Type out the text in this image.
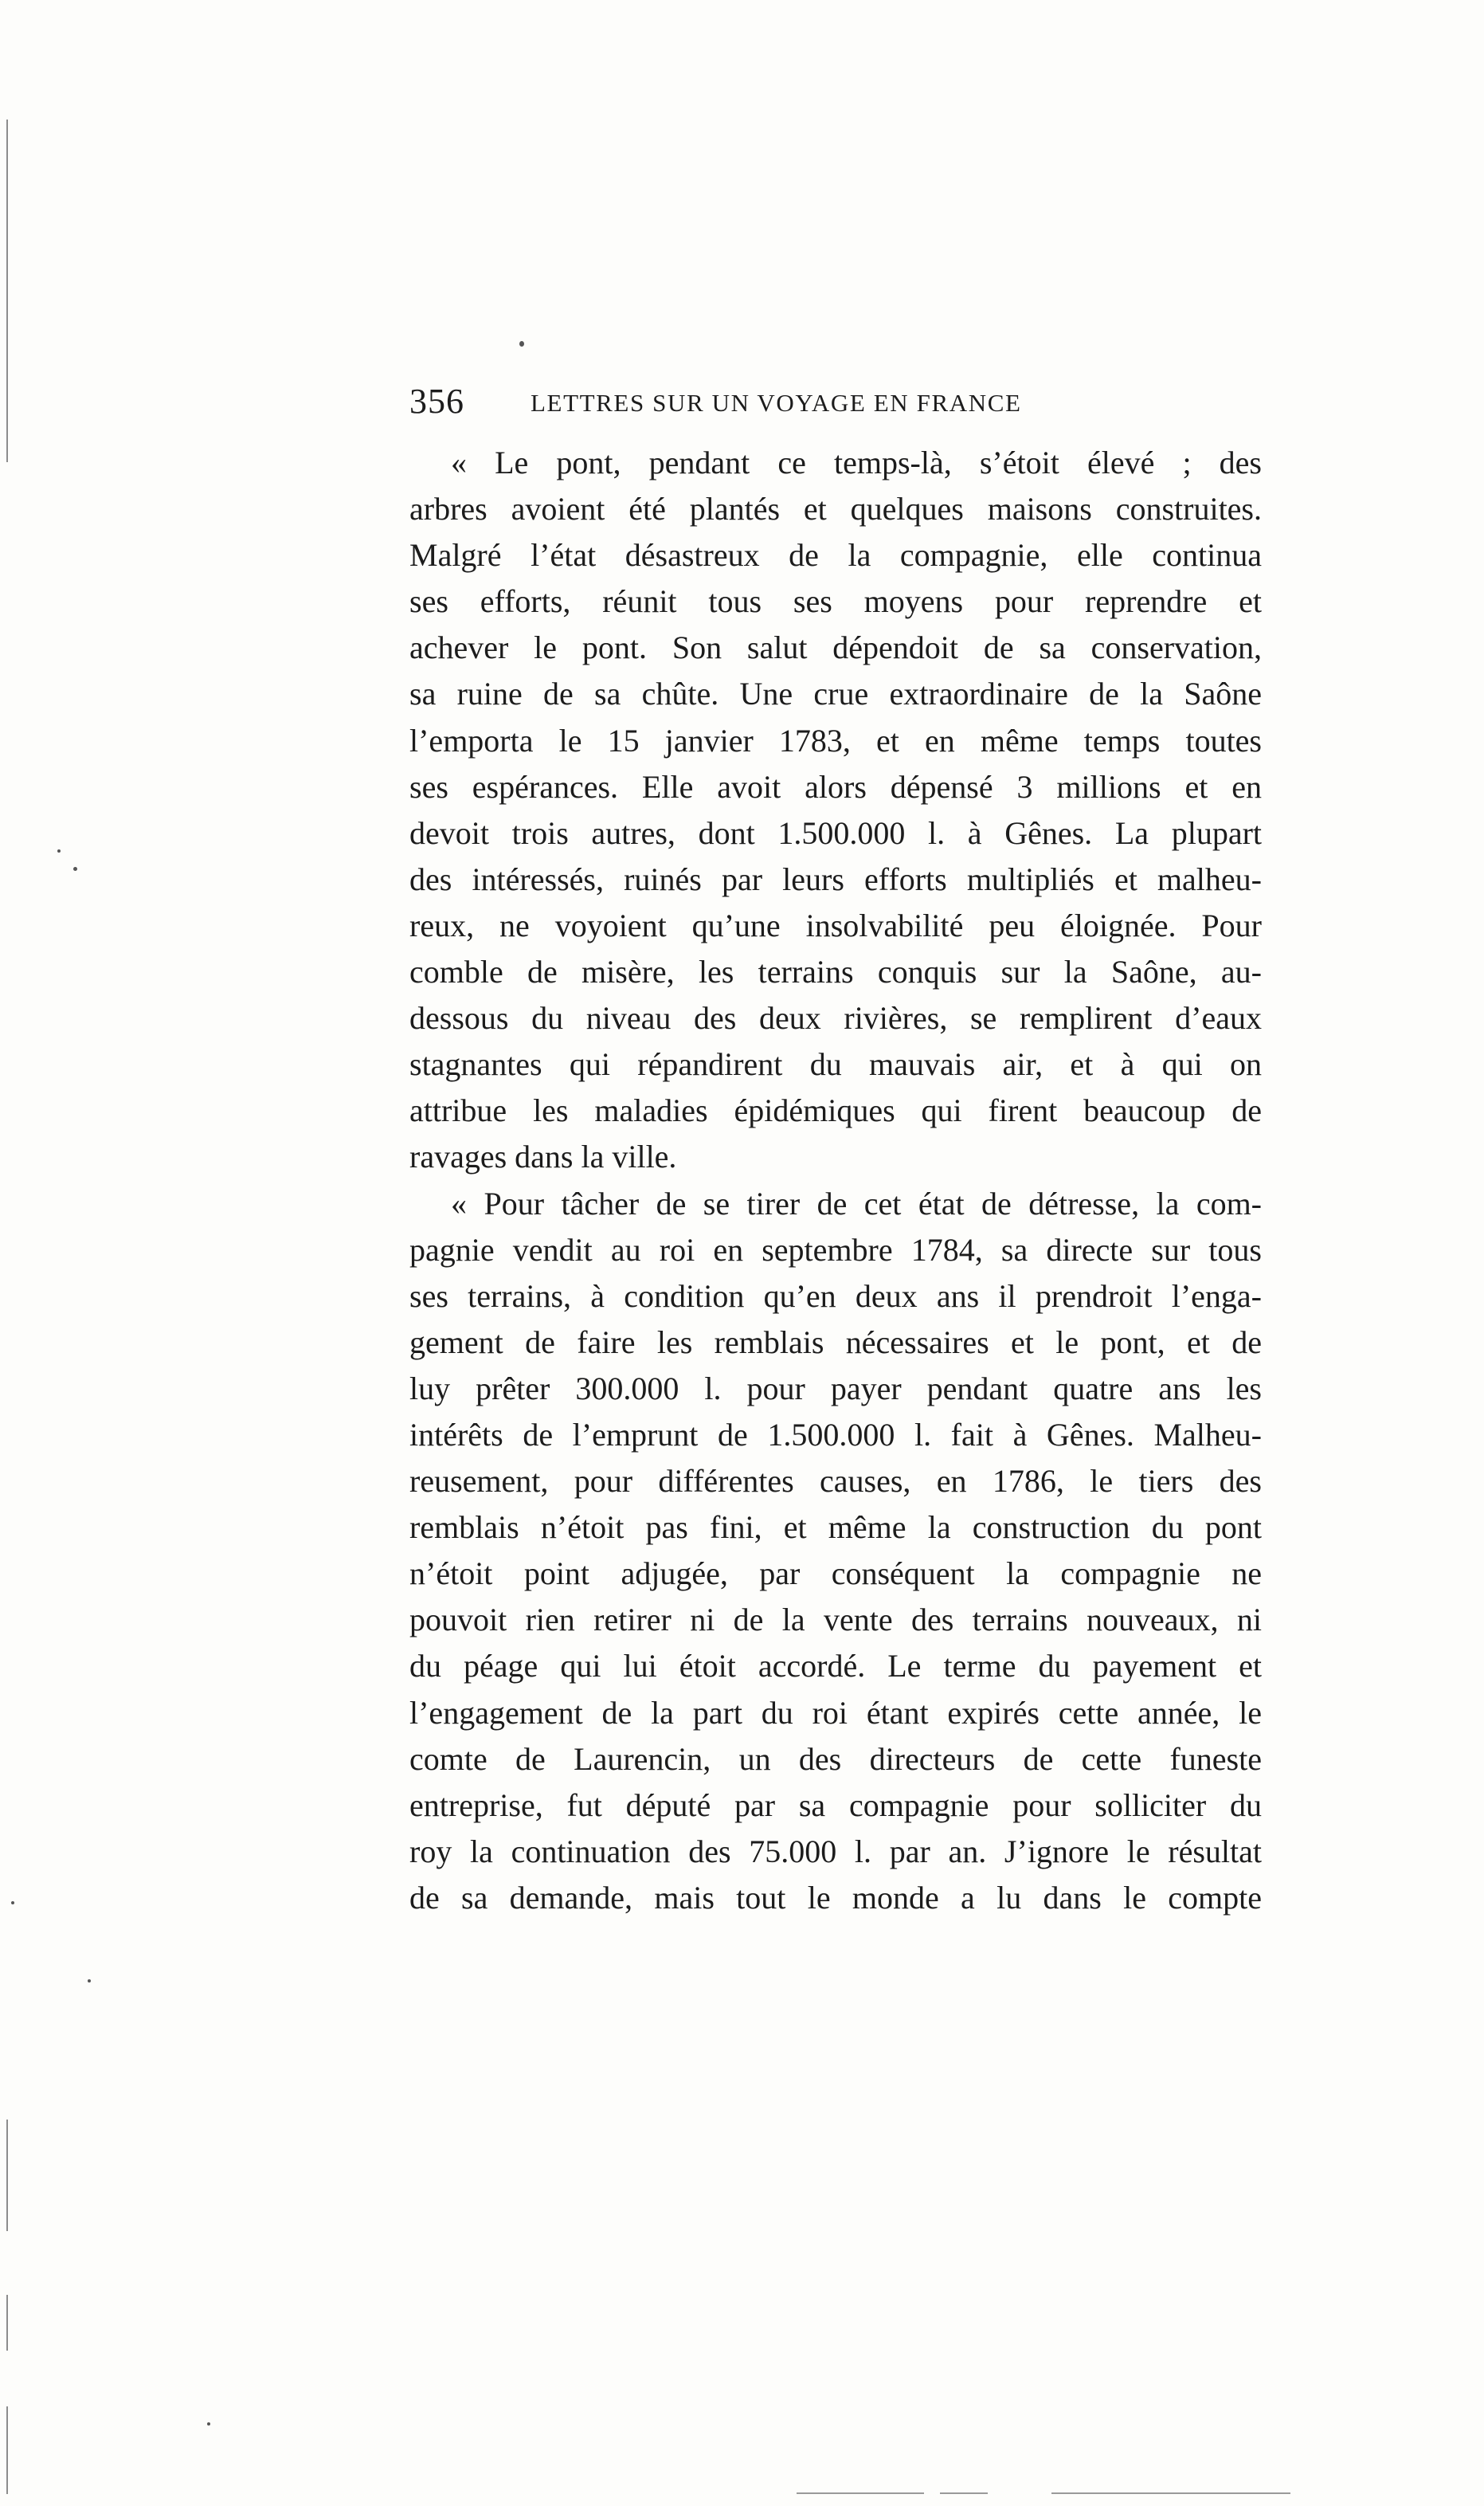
356	LETTRES SUR UN VOYAGE EN FRANCE
« Le pont, pendant ce temps-là, s’étoit élevé ; des
arbres avoient été plantés et quelques maisons construites.
Malgré l’état désastreux de la compagnie, elle continua
ses efforts, réunit tous ses moyens pour reprendre et
achever le pont. Son salut dépendoit de sa conservation,
sa ruine de sa chûte. Une crue extraordinaire de la Saône
l’emporta le 15 janvier 1783, et en même temps toutes
ses espérances. Elle avoit alors dépensé 3 millions et en
devoit trois autres, dont 1.500.000 l. à Gênes. La plupart
des intéressés, ruinés par leurs efforts multipliés et malheu-
reux, ne voyoient qu’une insolvabilité peu éloignée. Pour
comble de misère, les terrains conquis sur la Saône, au-
dessous du niveau des deux rivières, se remplirent d’eaux
stagnantes qui répandirent du mauvais air, et à qui on
attribue les maladies épidémiques qui firent beaucoup de
ravages dans la ville.
« Pour tâcher de se tirer de cet état de détresse, la com-
pagnie vendit au roi en septembre 1784, sa directe sur tous
ses terrains, à condition qu’en deux ans il prendroit l’enga-
gement de faire les remblais nécessaires et le pont, et de
luy prêter 300.000 l. pour payer pendant quatre ans les
intérêts de l’emprunt de 1.500.000 l. fait à Gênes. Malheu-
reusement, pour différentes causes, en 1786, le tiers des
remblais n’étoit pas fini, et même la construction du pont
n’étoit point adjugée, par conséquent la compagnie ne
pouvoit rien retirer ni de la vente des terrains nouveaux, ni
du péage qui lui étoit accordé. Le terme du payement et
l’engagement de la part du roi étant expirés cette année, le
comte de Laurencin, un des directeurs de cette funeste
entreprise, fut député par sa compagnie pour solliciter du
roy la continuation des 75.000 l. par an. J’ignore le résultat
de sa demande, mais tout le monde a lu dans le compte
